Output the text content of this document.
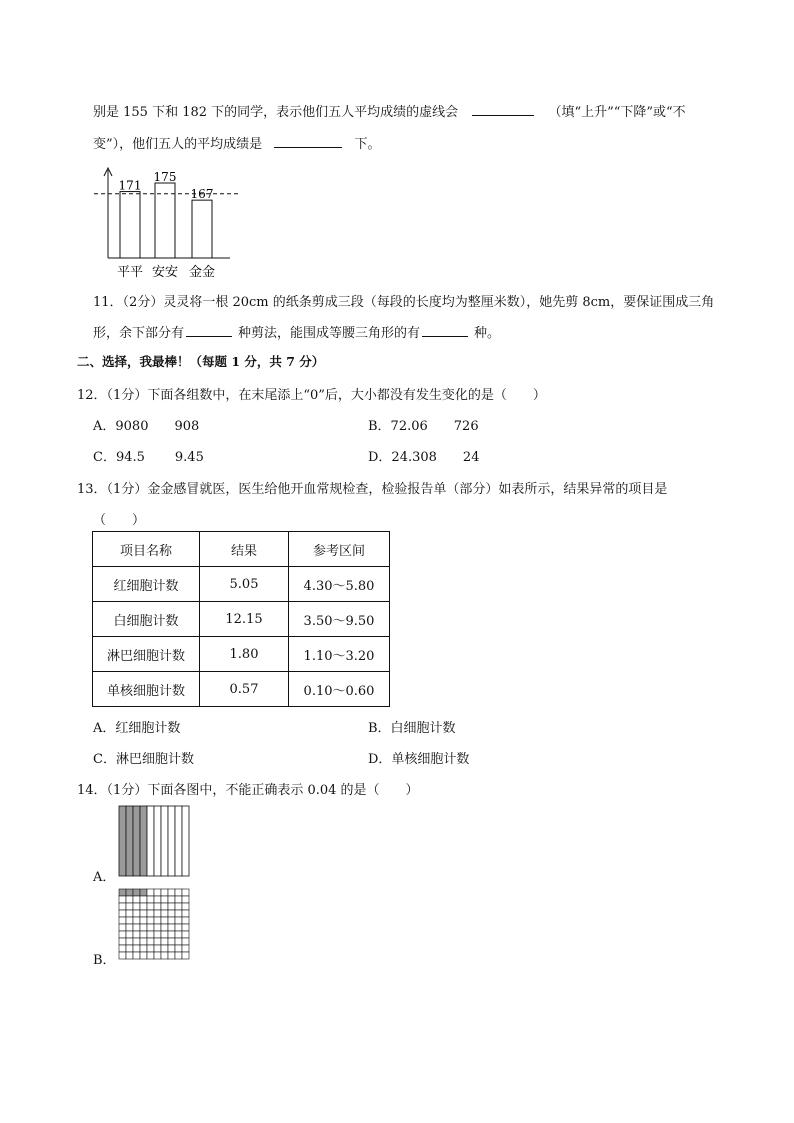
别是 155 下和 182 下的同学，表示他们五人平均成绩的虚线会	（填“上升”“下降”或“不
变”），他们五人的平均成绩是	下。
171
平平
175
安安
167
金金
11．（2分）灵灵将一根 20cm 的纸条剪成三段（每段的长度均为整厘米数），她先剪 8cm，要保证围成三角
形，余下部分有	种剪法，能围成等腰三角形的有	种。
二、选择，我最棒！（每题 1 分，共 7 分）
12．（1分）下面各组数中，在末尾添上“0”后，大小都没有发生变化的是（　　）
A．9080 908	B．72.06 726
C．94.5 9.45	D．24.308 24
13．（1分）金金感冒就医，医生给他开血常规检查，检验报告单（部分）如表所示，结果异常的项目是
（　　）
项目名称	结果	参考区间
红细胞计数	5.05	4.30～5.80
白细胞计数	12.15	3.50～9.50
淋巴细胞计数	1.80	1.10～3.20
单核细胞计数	0.57	0.10～0.60
A．红细胞计数	B．白细胞计数
C．淋巴细胞计数	D．单核细胞计数
14．（1分）下面各图中，不能正确表示 0.04 的是（　　）
A．
B．
